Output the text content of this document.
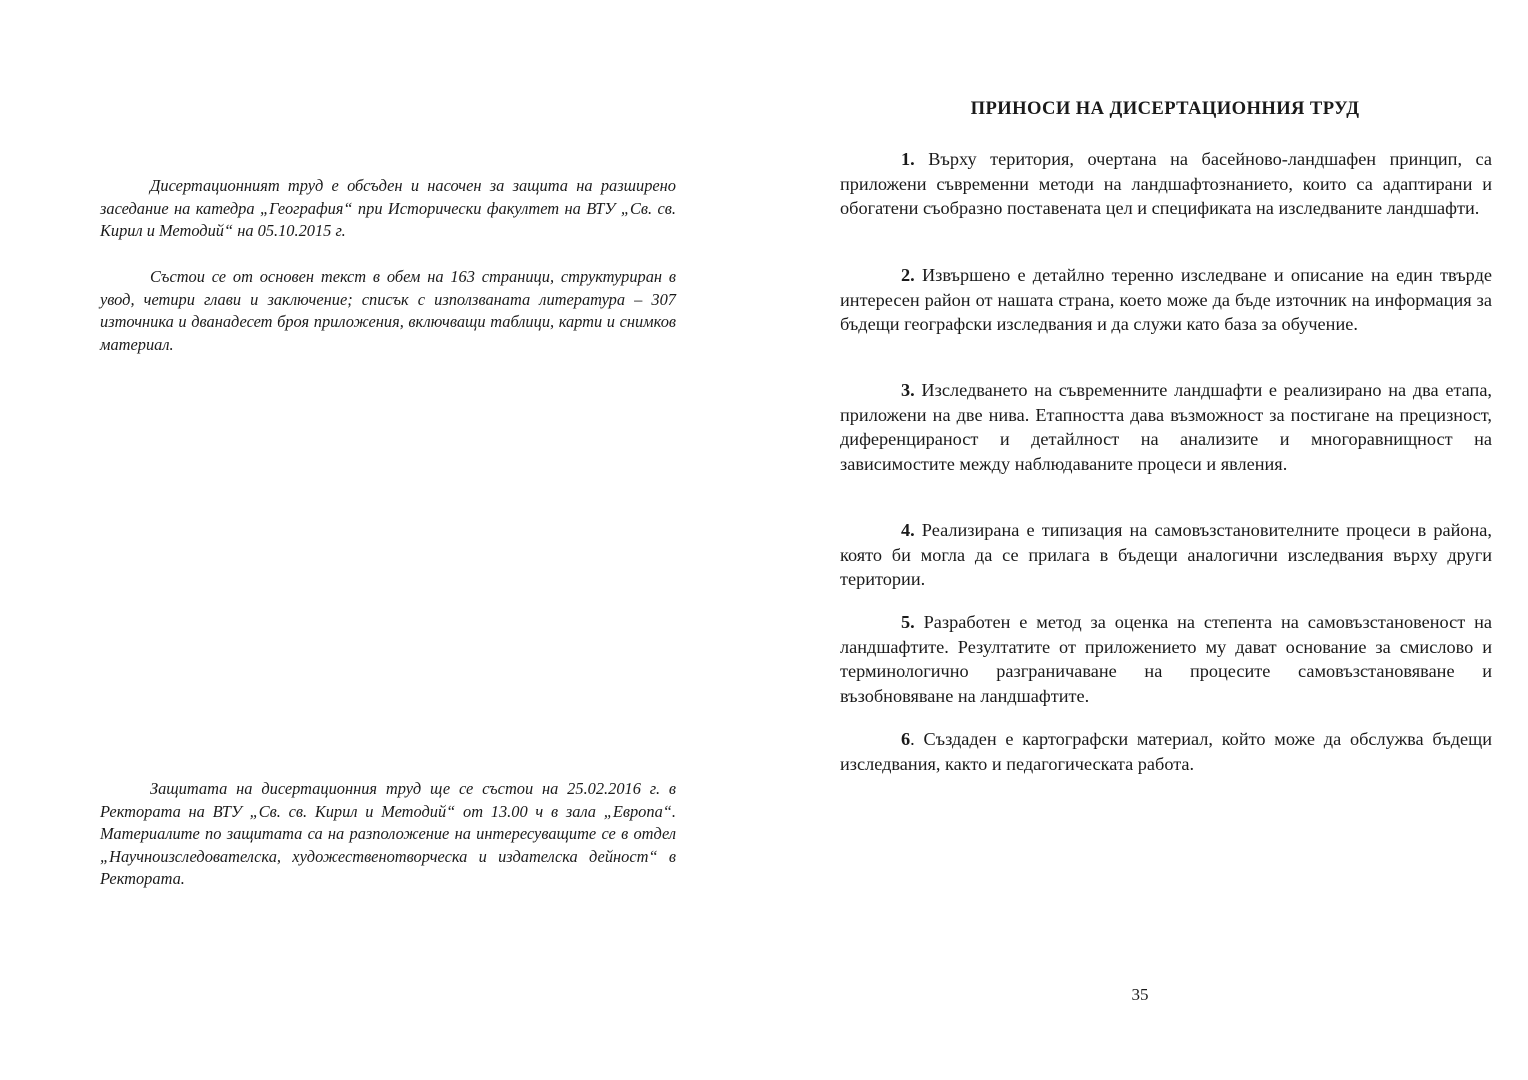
Дисертационният труд е обсъден и насочен за защита на разширено заседание на катедра „География“ при Исторически факултет на ВТУ „Св. св. Кирил и Методий“ на 05.10.2015 г.

Състои се от основен текст в обем на 163 страници, структуриран в увод, четири глави и заключение; списък с използваната литература – 307 източника и дванадесет броя приложения, включващи таблици, карти и снимков материал.

Защитата на дисертационния труд ще се състои на 25.02.2016 г. в Ректората на ВТУ „Св. св. Кирил и Методий“ от 13.00 ч в зала „Европа“. Материалите по защитата са на разположение на интересуващите се в отдел „Научноизследователска, художественотворческа и издателска дейност“ в Ректората.

ПРИНОСИ НА ДИСЕРТАЦИОННИЯ ТРУД

1. Върху територия, очертана на басейново-ландшафен принцип, са приложени съвременни методи на ландшафтознанието, които са адаптирани и обогатени съобразно поставената цел и спецификата на изследваните ландшафти.

2. Извършено е детайлно теренно изследване и описание на един твърде интересен район от нашата страна, което може да бъде източник на информация за бъдещи географски изследвания и да служи като база за обучение.

3. Изследването на съвременните ландшафти е реализирано на два етапа, приложени на две нива. Етапността дава възможност за постигане на прецизност, диференцираност и детайлност на анализите и многоравнищност на зависимостите между наблюдаваните процеси и явления.

4. Реализирана е типизация на самовъзстановителните процеси в района, която би могла да се прилага в бъдещи аналогични изследвания върху други територии.

5. Разработен е метод за оценка на степента на самовъзстановеност на ландшафтите. Резултатите от приложението му дават основание за смислово и терминологично разграничаване на процесите самовъзстановяване и възобновяване на ландшафтите.

6. Създаден е картографски материал, който може да обслужва бъдещи изследвания, както и педагогическата работа.

35
